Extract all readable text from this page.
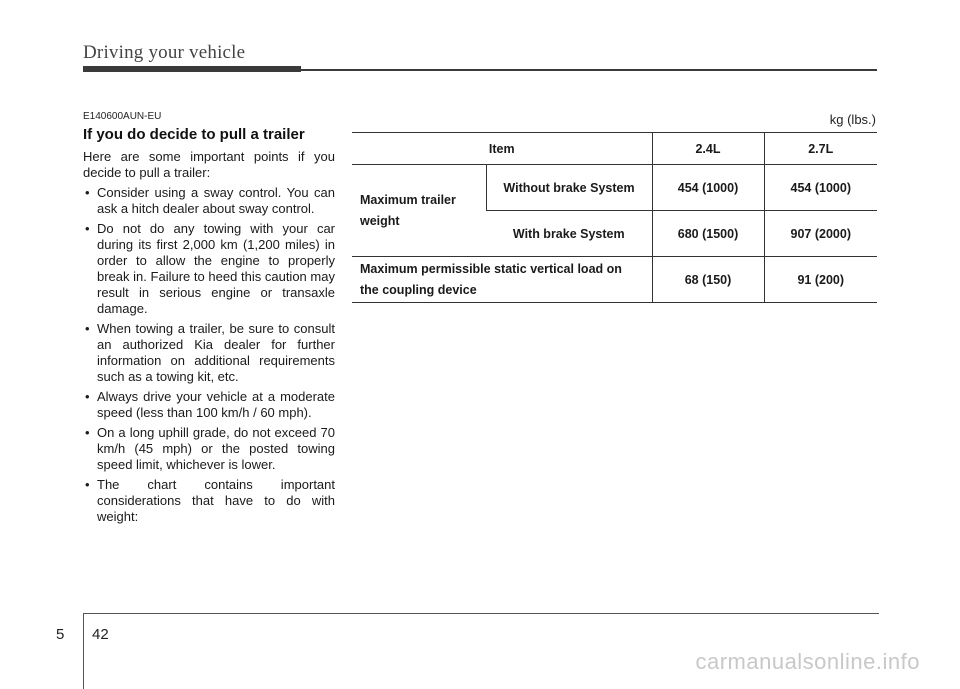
Driving your vehicle
E140600AUN-EU	kg (lbs.)
If you do decide to pull a trailer

Here are some important points if you decide to pull a trailer:

• Consider using a sway control. You can ask a hitch dealer about sway control.
• Do not do any towing with your car during its first 2,000 km (1,200 miles) in order to allow the engine to properly break in. Failure to heed this caution may result in serious engine or transaxle damage.
• When towing a trailer, be sure to consult an authorized Kia dealer for further information on additional requirements such as a towing kit, etc.
• Always drive your vehicle at a moderate speed (less than 100 km/h / 60 mph).
• On a long uphill grade, do not exceed 70 km/h (45 mph) or the posted towing speed limit, whichever is lower.
• The chart contains important considerations that have to do with weight:
Item		2.4L	2.7L
Maximum trailer weight	Without brake System	454 (1000)	454 (1000)
	With brake System	680 (1500)	907 (2000)
Maximum permissible static vertical load on the coupling device		68 (150)	91 (200)
5 42
carmanualsonline.info
